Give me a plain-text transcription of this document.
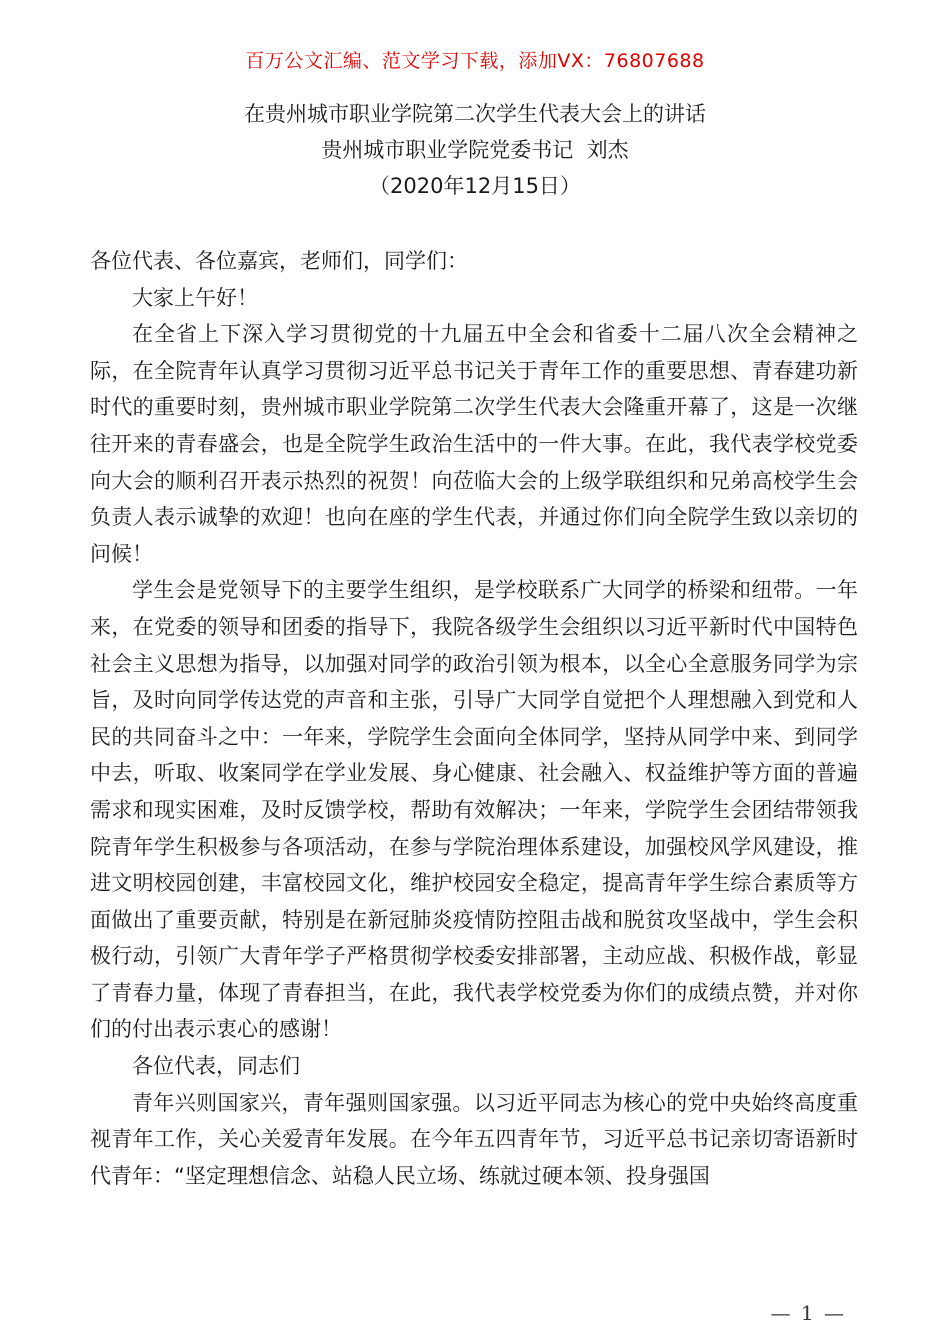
百万公文汇编、范文学习下载，添加VX：76807688
在贵州城市职业学院第二次学生代表大会上的讲话
贵州城市职业学院党委书记  刘杰
（2020年12月15日）

各位代表、各位嘉宾，老师们，同学们：

大家上午好！

在全省上下深入学习贯彻党的十九届五中全会和省委十二届八次全会精神之际，在全院青年认真学习贯彻习近平总书记关于青年工作的重要思想、青春建功新时代的重要时刻，贵州城市职业学院第二次学生代表大会隆重开幕了，这是一次继往开来的青春盛会，也是全院学生政治生活中的一件大事。在此，我代表学校党委向大会的顺利召开表示热烈的祝贺！向莅临大会的上级学联组织和兄弟高校学生会负责人表示诚挚的欢迎！也向在座的学生代表，并通过你们向全院学生致以亲切的问候！

学生会是党领导下的主要学生组织，是学校联系广大同学的桥梁和纽带。一年来，在党委的领导和团委的指导下，我院各级学生会组织以习近平新时代中国特色社会主义思想为指导，以加强对同学的政治引领为根本，以全心全意服务同学为宗旨，及时向同学传达党的声音和主张，引导广大同学自觉把个人理想融入到党和人民的共同奋斗之中：一年来，学院学生会面向全体同学，坚持从同学中来、到同学中去，听取、收案同学在学业发展、身心健康、社会融入、权益维护等方面的普遍需求和现实困难，及时反馈学校，帮助有效解决；一年来，学院学生会团结带领我院青年学生积极参与各项活动，在参与学院治理体系建设，加强校风学风建设，推进文明校园创建，丰富校园文化，维护校园安全稳定，提高青年学生综合素质等方面做出了重要贡献，特别是在新冠肺炎疫情防控阻击战和脱贫攻坚战中，学生会积极行动，引领广大青年学子严格贯彻学校委安排部署，主动应战、积极作战，彰显了青春力量，体现了青春担当，在此，我代表学校党委为你们的成绩点赞，并对你们的付出表示衷心的感谢！

各位代表，同志们

青年兴则国家兴，青年强则国家强。以习近平同志为核心的党中央始终高度重视青年工作，关心关爱青年发展。在今年五四青年节，习近平总书记亲切寄语新时代青年：“坚定理想信念、站稳人民立场、练就过硬本领、投身强国

— 1 —
